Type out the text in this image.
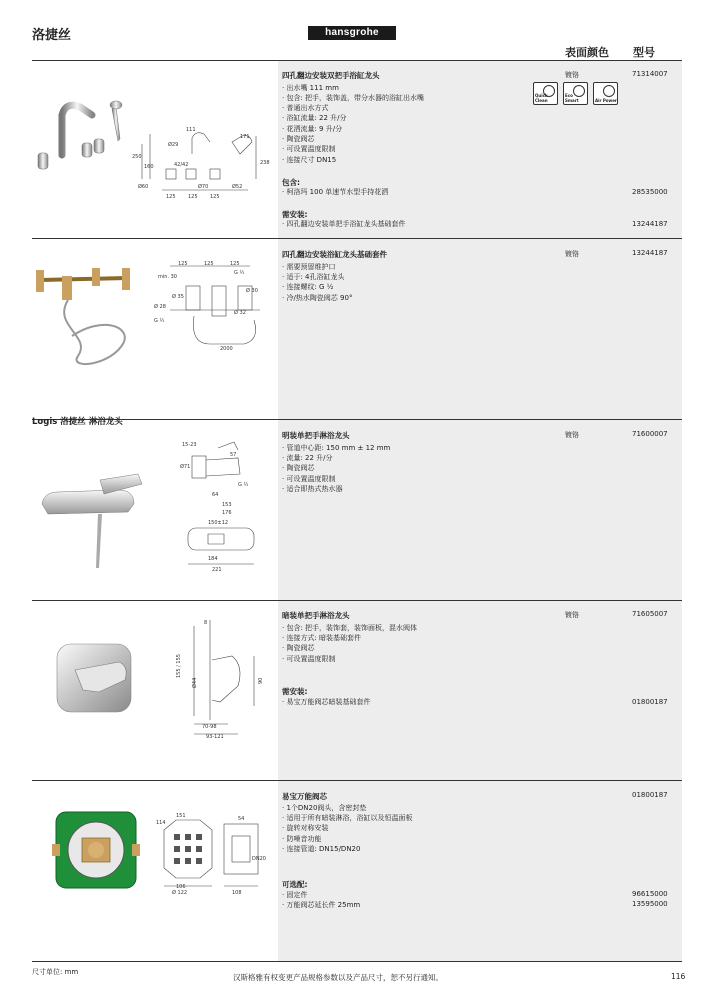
洛捷丝	hansgrohe
表面颜色 型号
四孔翻边安装双把手浴缸龙头	镀铬	71314007
· 出水嘴 111 mm
· 包含: 把手，装饰盖，带分水器的浴缸出水嘴
· 普通出水方式
· 浴缸流量: 22 升/分
· 花洒流量: 9 升/分
· 陶瓷阀芯
· 可设置温度限制
· 连接尺寸 DN15
包含:
· 柯洛玛 100 单速节水型手持花洒	28535000
需安装:
· 四孔翻边安装单把手浴缸龙头基础套件	13244187
Quick Clean
Eco Smart	Air Power
111
171
Ø29
250
160	42/42
Ø60	Ø70	Ø52
125 125 125
238
四孔翻边安装浴缸龙头基础套件	镀铬	13244187
· 需要预留维护口
· 适于: 4孔浴缸龙头
· 连接螺纹: G ½
· 冷/热水陶瓷阀芯 90°
125	125	125
G ½
Ø 35
Ø 28
Ø 30
Ø 32
G ½
2000
min. 30
Logis 洛捷丝 淋浴龙头
明装单把手淋浴龙头	镀铬	71600007
· 管道中心距: 150 mm ± 12 mm
· 流量: 22 升/分
· 陶瓷阀芯
· 可设置温度限制
· 适合即热式热水器
15-23
Ø71
57
G ½
64
153
176
150±12
184
221
暗装单把手淋浴龙头	镀铬	71605007
· 包含: 把手，装饰套，装饰面板，混水阀体
· 连接方式: 暗装基础套件
· 陶瓷阀芯
· 可设置温度限制
需安装:
· 易宝万能阀芯暗装基础套件	01800187
155 / 155
Ø44
8
90
70-98
93-121
易宝万能阀芯	01800187
· 1个DN20阀头，含密封垫
· 适用于所有暗装淋浴，浴缸以及恒温面板
· 旋转对称安装
· 防噪音功能
· 连接管道: DN15/DN20
可选配:
· 固定件	96615000
· 万能阀芯延长件 25mm	13595000
151
114
Ø 122
106
108
54
DN20
尺寸单位: mm
汉斯格雅有权变更产品规格参数以及产品尺寸，恕不另行通知。	116
